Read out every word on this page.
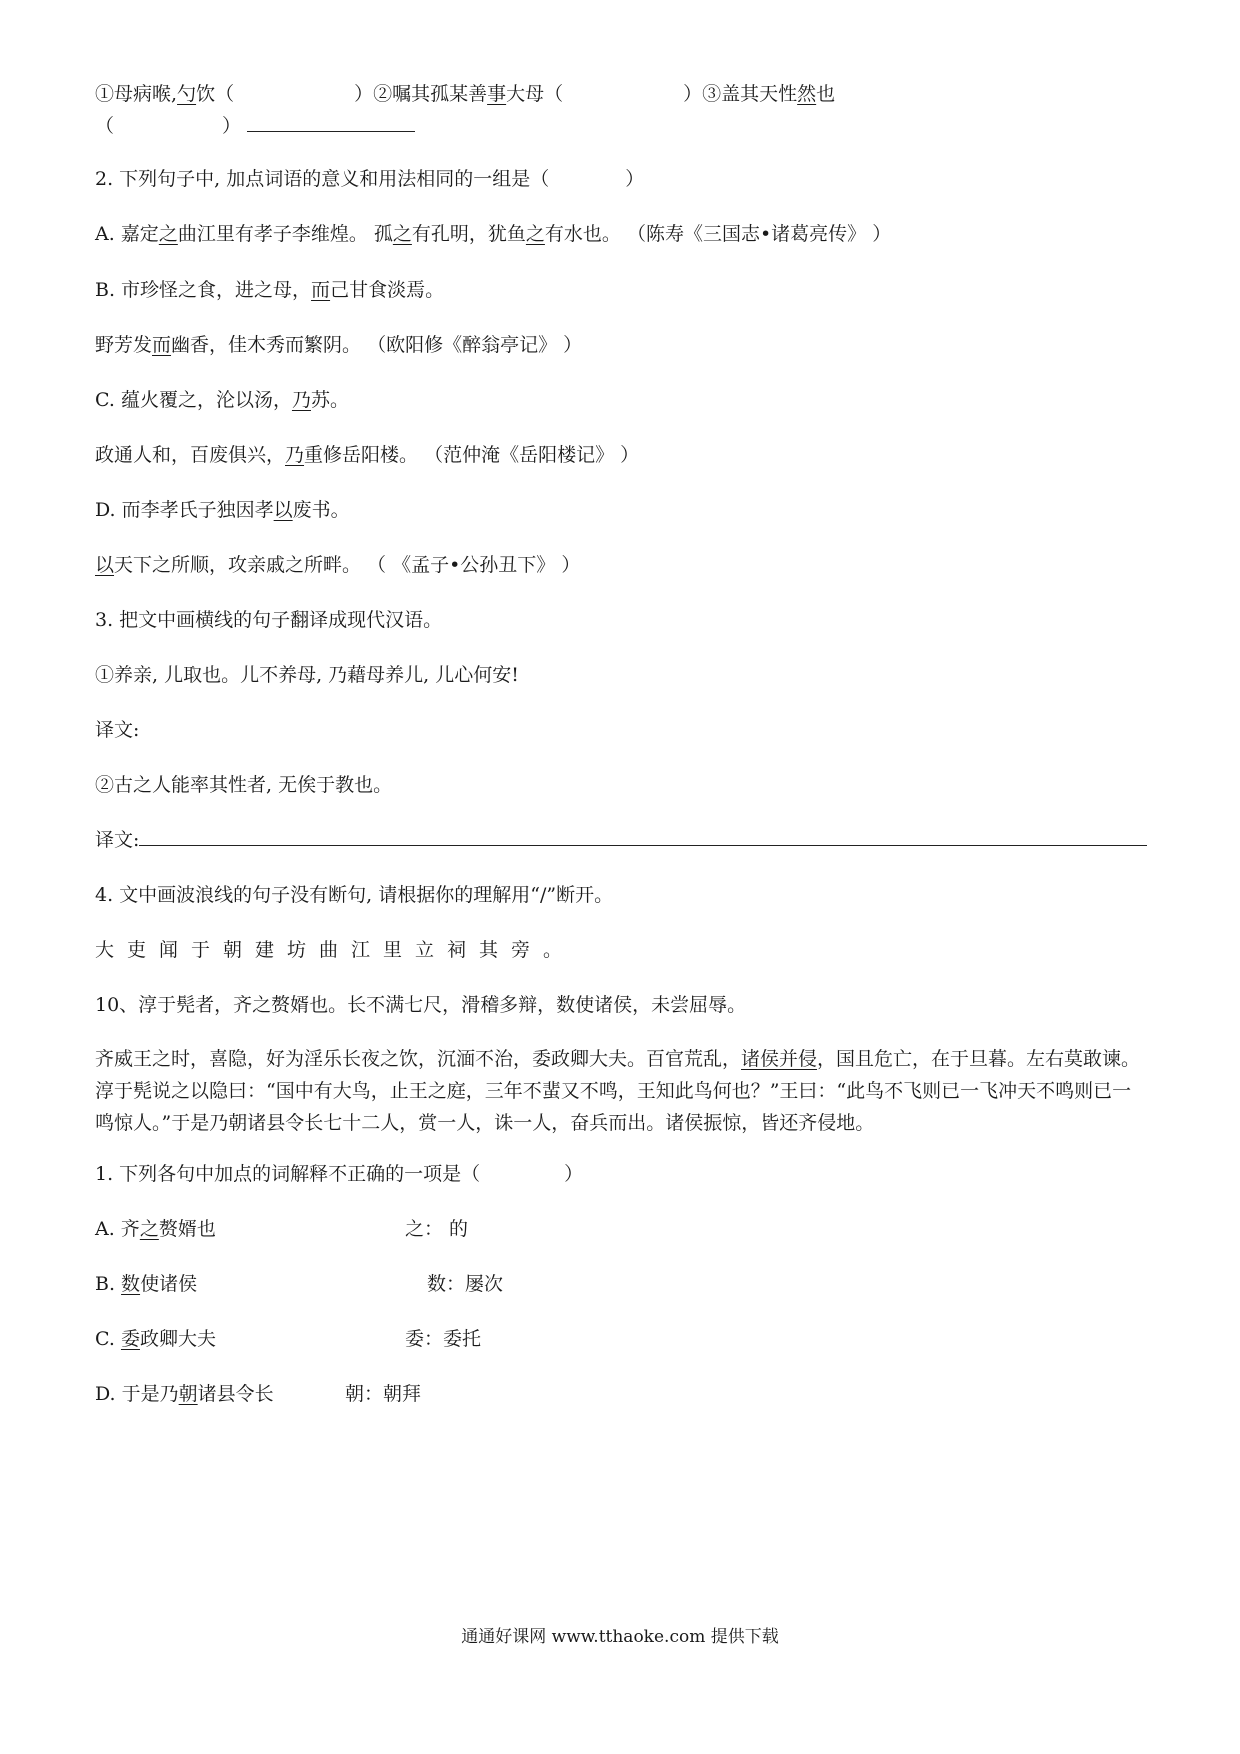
①母病喉,勺饮（	）②嘱其孤某善事大母（	）③盖其天性然也
（	）
2. 下列句子中, 加点词语的意义和用法相同的一组是（	）
A. 嘉定之曲江里有孝子李维煌。 孤之有孔明，犹鱼之有水也。 （陈寿《三国志•诸葛亮传》 ）
B. 市珍怪之食，进之母，而己甘食淡焉。
野芳发而幽香，佳木秀而繁阴。 （欧阳修《醉翁亭记》 ）
C. 蕴火覆之，沦以汤，乃苏。
政通人和，百废俱兴，乃重修岳阳楼。 （范仲淹《岳阳楼记》 ）
D. 而李孝氏子独因孝以废书。
以天下之所顺，攻亲戚之所畔。 （ 《孟子•公孙丑下》 ）
3. 把文中画横线的句子翻译成现代汉语。
①养亲, 儿取也。儿不养母, 乃藉母养儿, 儿心何安!
译文:
②古之人能率其性者, 无俟于教也。
译文:
4. 文中画波浪线的句子没有断句, 请根据你的理解用“/”断开。
大吏闻于朝建坊曲江里立祠其旁。
10、淳于髡者，齐之赘婿也。长不满七尺，滑稽多辩，数使诸侯，未尝屈辱。
齐威王之时，喜隐，好为淫乐长夜之饮，沉湎不治，委政卿大夫。百官荒乱，诸侯并侵，国且危亡，在于旦暮。左右莫敢谏。淳于髡说之以隐曰：“国中有大鸟，止王之庭，三年不蜚又不鸣，王知此鸟何也？”王曰：“此鸟不飞则已一飞冲天不鸣则已一鸣惊人。”于是乃朝诸县令长七十二人，赏一人，诛一人，奋兵而出。诸侯振惊，皆还齐侵地。
1. 下列各句中加点的词解释不正确的一项是（	）
A. 齐之赘婿也	之： 的
B. 数使诸侯	数：屡次
C. 委政卿大夫	委：委托
D. 于是乃朝诸县令长	朝：朝拜
通通好课网 www.tthaoke.com 提供下载
